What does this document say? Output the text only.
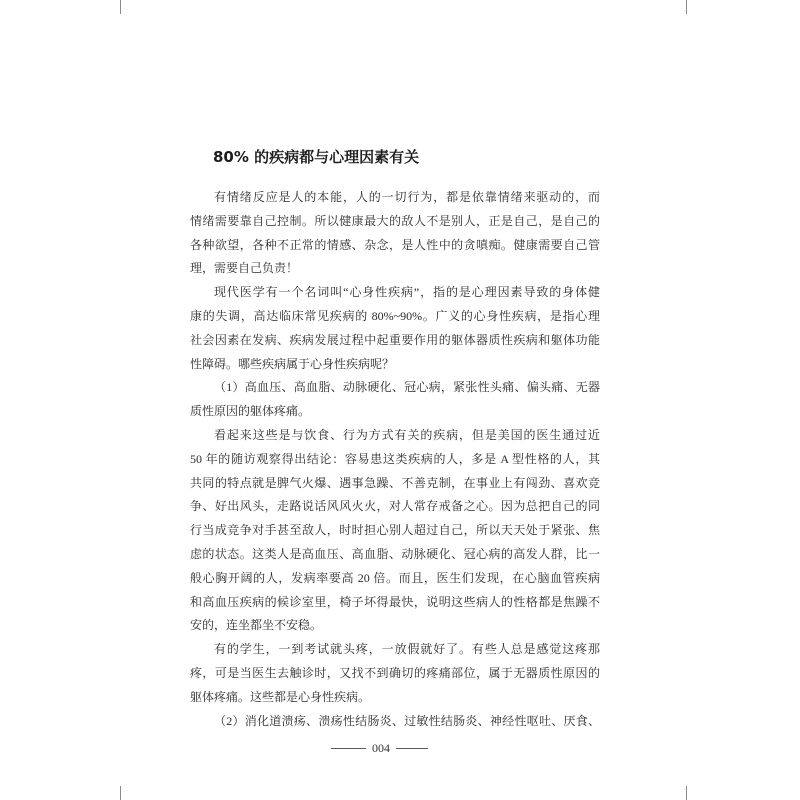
80% 的疾病都与心理因素有关
有情绪反应是人的本能，人的一切行为，都是依靠情绪来驱动的，而
情绪需要靠自己控制。所以健康最大的敌人不是别人，正是自己，是自己的
各种欲望，各种不正常的情感、杂念，是人性中的贪嗔痴。健康需要自己管
理，需要自己负责！
现代医学有一个名词叫“心身性疾病”，指的是心理因素导致的身体健
康的失调，高达临床常见疾病的 80%~90%。广义的心身性疾病，是指心理
社会因素在发病、疾病发展过程中起重要作用的躯体器质性疾病和躯体功能
性障碍。哪些疾病属于心身性疾病呢？
（1）高血压、高血脂、动脉硬化、冠心病，紧张性头痛、偏头痛、无器
质性原因的躯体疼痛。
看起来这些是与饮食、行为方式有关的疾病，但是美国的医生通过近
50 年的随访观察得出结论：容易患这类疾病的人，多是 A 型性格的人，其
共同的特点就是脾气火爆、遇事急躁、不善克制，在事业上有闯劲、喜欢竞
争、好出风头，走路说话风风火火，对人常存戒备之心。因为总把自己的同
行当成竞争对手甚至敌人，时时担心别人超过自己，所以天天处于紧张、焦
虑的状态。这类人是高血压、高血脂、动脉硬化、冠心病的高发人群，比一
般心胸开阔的人，发病率要高 20 倍。而且，医生们发现，在心脑血管疾病
和高血压疾病的候诊室里，椅子坏得最快，说明这些病人的性格都是焦躁不
安的，连坐都坐不安稳。
有的学生，一到考试就头疼，一放假就好了。有些人总是感觉这疼那
疼，可是当医生去触诊时，又找不到确切的疼痛部位，属于无器质性原因的
躯体疼痛。这些都是心身性疾病。
（2）消化道溃疡、溃疡性结肠炎、过敏性结肠炎、神经性呕吐、厌食、
004
